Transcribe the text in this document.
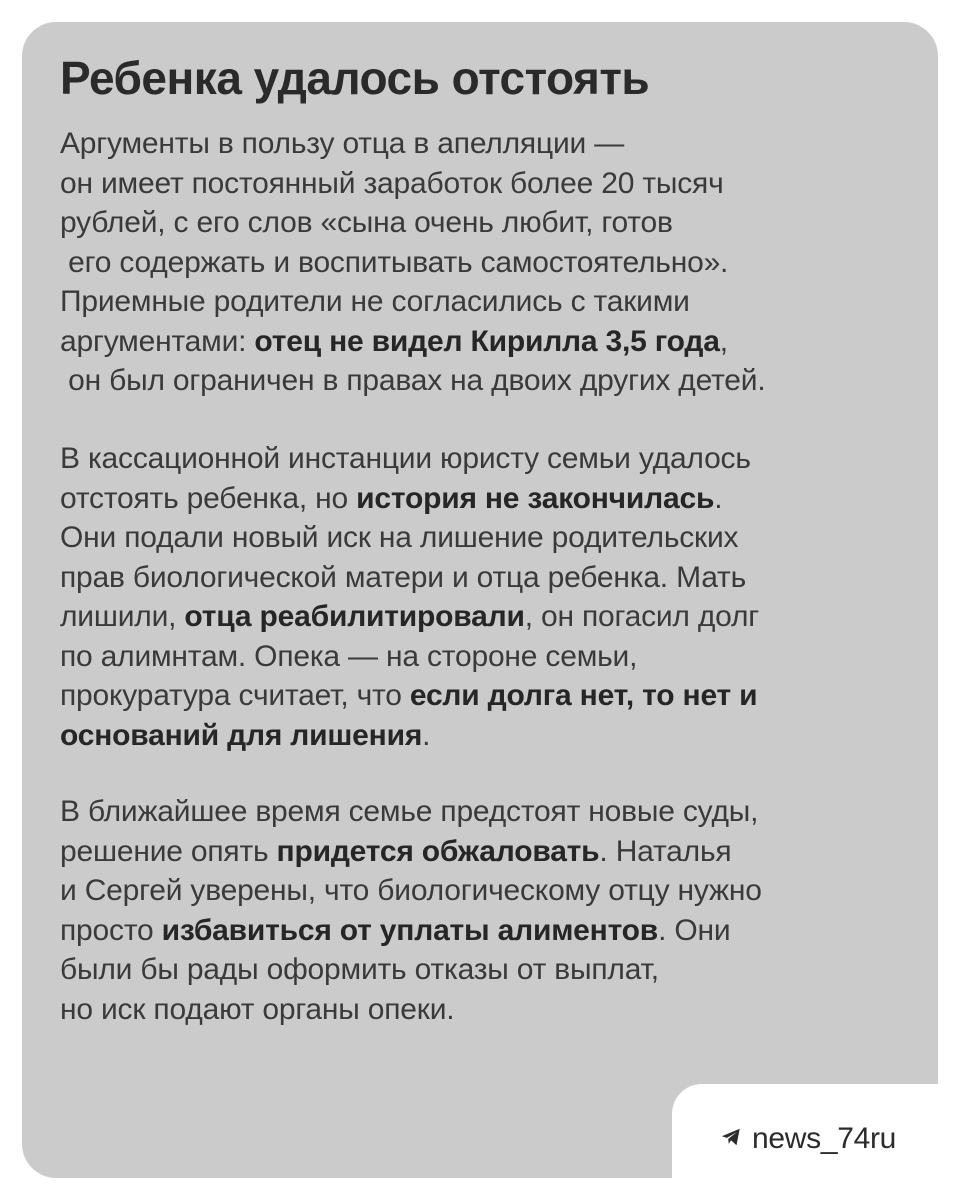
Ребенка удалось отстоять
Аргументы в пользу отца в апелляции —
он имеет постоянный заработок более 20 тысяч
рублей, с его слов «сына очень любит, готов
его содержать и воспитывать самостоятельно».
Приемные родители не согласились с такими
аргументами: отец не видел Кирилла 3,5 года,
он был ограничен в правах на двоих других детей.
В кассационной инстанции юристу семьи удалось
отстоять ребенка, но история не закончилась.
Они подали новый иск на лишение родительских
прав биологической матери и отца ребенка. Мать
лишили, отца реабилитировали, он погасил долг
по алимнтам. Опека — на стороне семьи,
прокуратура считает, что если долга нет, то нет и
оснований для лишения.
В ближайшее время семье предстоят новые суды,
решение опять придется обжаловать. Наталья
и Сергей уверены, что биологическому отцу нужно
просто избавиться от уплаты алиментов. Они
были бы рады оформить отказы от выплат,
но иск подают органы опеки.
news_74ru
